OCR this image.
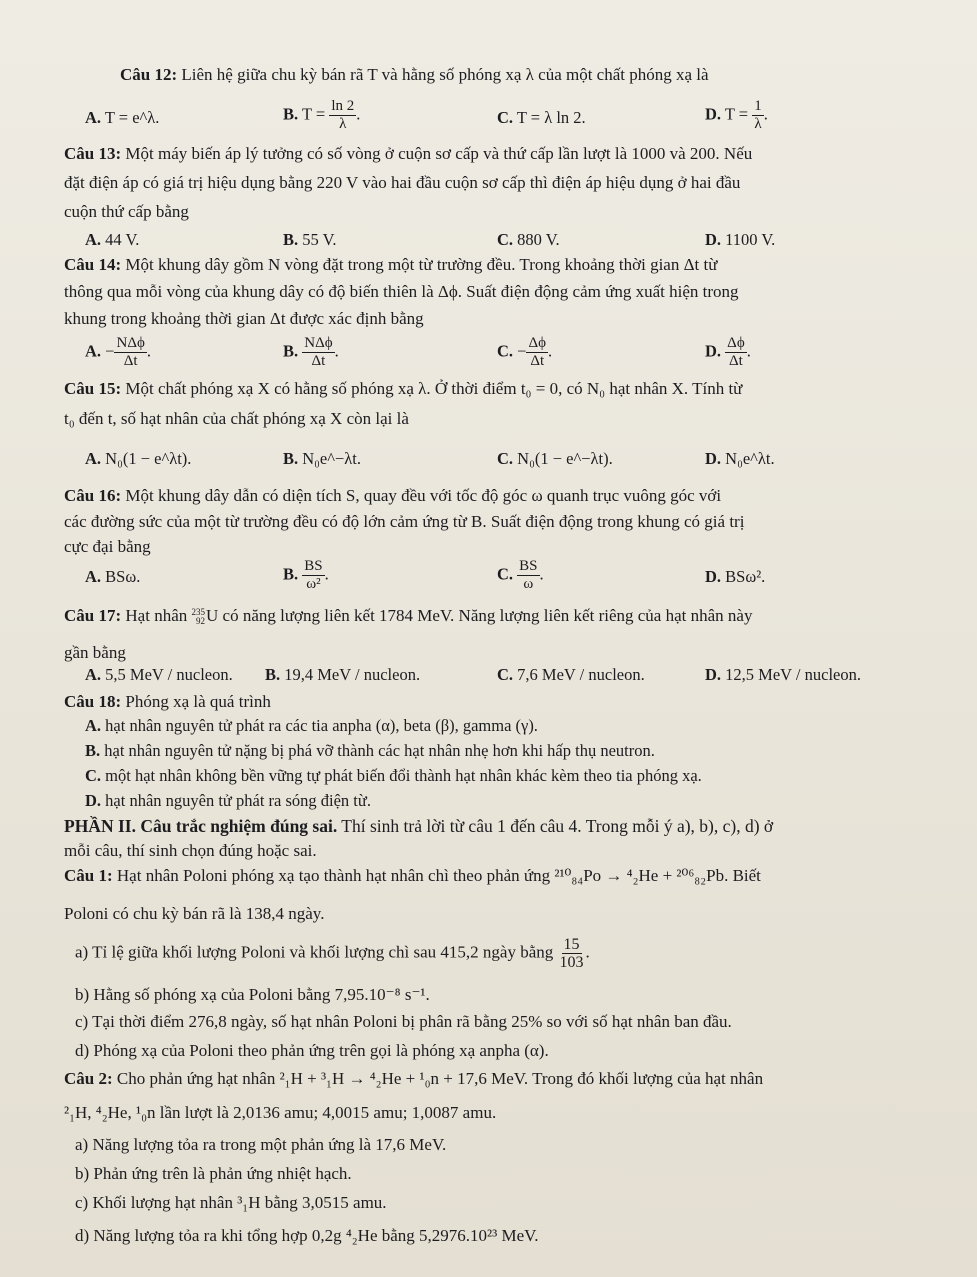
Câu 12: Liên hệ giữa chu kỳ bán rã T và hằng số phóng xạ λ của một chất phóng xạ là
A. T = e^λ.	B. $T = \frac{\ln 2}{\lambda}$ .	C. T = λ ln 2.	D. $T = \frac{1}{\lambda}$ .
Câu 13: Một máy biến áp lý tưởng có số vòng ở cuộn sơ cấp và thứ cấp lần lượt là 1000 và 200. Nếu
đặt điện áp có giá trị hiệu dụng bằng 220 V vào hai đầu cuộn sơ cấp thì điện áp hiệu dụng ở hai đầu
cuộn thứ cấp bằng
A. 44 V.	B. 55 V.	C. 880 V.	D. 1100 V.
Câu 14: Một khung dây gồm N vòng đặt trong một từ trường đều. Trong khoảng thời gian Δt từ
thông qua mỗi vòng của khung dây có độ biến thiên là Δϕ. Suất điện động cảm ứng xuất hiện trong
khung trong khoảng thời gian Δt được xác định bằng
A. − $\frac{\text{NΔϕ}}{\Delta t}$ .	B. $\frac{\text{NΔϕ}}{\Delta t}$ .	C. − $\frac{\Delta\phi}{\Delta t}$ .	D. $\frac{\Delta\phi}{\Delta t}$ .
Câu 15: Một chất phóng xạ X có hằng số phóng xạ λ. Ở thời điểm t₀ = 0, có N₀ hạt nhân X. Tính từ
t₀ đến t, số hạt nhân của chất phóng xạ X còn lại là
A. N₀(1 − e^λt).	B. N₀e^−λt.	C. N₀(1 − e^−λt).	D. N₀e^λt.
Câu 16: Một khung dây dẫn có diện tích S, quay đều với tốc độ góc ω quanh trục vuông góc với
các đường sức của một từ trường đều có độ lớn cảm ứng từ B. Suất điện động trong khung có giá trị
cực đại bằng
A. BSω.	B. $\frac{BS}{\text{ω²}}$ .	C. $\frac{BS}{\omega}$ .	D. BSω².
Câu 17: Hạt nhân 235
92 U có năng lượng liên kết 1784 MeV. Năng lượng liên kết riêng của hạt nhân này
gần bằng
A. 5,5 MeV / nucleon. B. 19,4 MeV / nucleon.	C. 7,6 MeV / nucleon.	D. 12,5 MeV / nucleon.
Câu 18: Phóng xạ là quá trình
A. hạt nhân nguyên tử phát ra các tia anpha (α), beta (β), gamma (γ).
B. hạt nhân nguyên tử nặng bị phá vỡ thành các hạt nhân nhẹ hơn khi hấp thụ neutron.
C. một hạt nhân không bền vững tự phát biến đổi thành hạt nhân khác kèm theo tia phóng xạ.
D. hạt nhân nguyên tử phát ra sóng điện từ.
PHẦN II. Câu trắc nghiệm đúng sai. Thí sinh trả lời từ câu 1 đến câu 4. Trong mỗi ý a), b), c), d) ở
mỗi câu, thí sinh chọn đúng hoặc sai.
Câu 1: Hạt nhân Poloni phóng xạ tạo thành hạt nhân chì theo phản ứng ²¹⁰₈₄Po → ⁴₂He + ²⁰⁶₈₂Pb. Biết
Poloni có chu kỳ bán rã là 138,4 ngày.
a) Tỉ lệ giữa khối lượng Poloni và khối lượng chì sau 415,2 ngày bằng $\frac{15}{103}$ .
b) Hằng số phóng xạ của Poloni bằng 7,95.10⁻⁸ s⁻¹.
c) Tại thời điểm 276,8 ngày, số hạt nhân Poloni bị phân rã bằng 25% so với số hạt nhân ban đầu.
d) Phóng xạ của Poloni theo phản ứng trên gọi là phóng xạ anpha (α).
Câu 2: Cho phản ứng hạt nhân ²₁H + ³₁H → ⁴₂He + ¹₀n + 17,6 MeV. Trong đó khối lượng của hạt nhân
²₁H, ⁴₂He, ¹₀n lần lượt là 2,0136 amu; 4,0015 amu; 1,0087 amu.
a) Năng lượng tỏa ra trong một phản ứng là 17,6 MeV.
b) Phản ứng trên là phản ứng nhiệt hạch.
c) Khối lượng hạt nhân ³₁H bằng 3,0515 amu.
d) Năng lượng tỏa ra khi tổng hợp 0,2g ⁴₂He bằng 5,2976.10²³ MeV.
